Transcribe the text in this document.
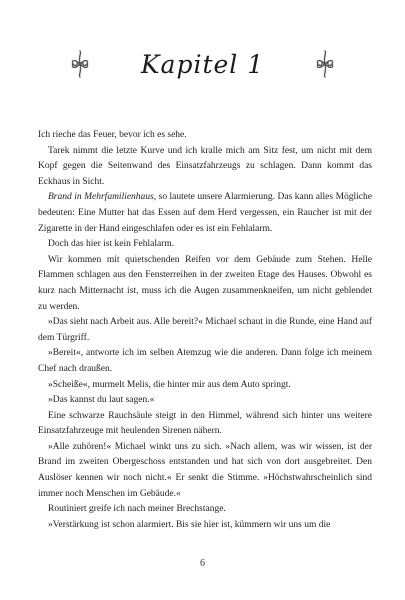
Kapitel 1

Ich rieche das Feuer, bevor ich es sehe.

Tarek nimmt die letzte Kurve und ich kralle mich am Sitz fest, um nicht mit dem Kopf gegen die Seitenwand des Einsatzfahrzeugs zu schlagen. Dann kommt das Eckhaus in Sicht.

Brand in Mehrfamilienhaus, so lautete unsere Alarmierung. Das kann alles Mögliche bedeuten: Eine Mutter hat das Essen auf dem Herd vergessen, ein Raucher ist mit der Zigarette in der Hand eingeschlafen oder es ist ein Fehlalarm.

Doch das hier ist kein Fehlalarm.

Wir kommen mit quietschenden Reifen vor dem Gebäude zum Stehen. Helle Flammen schlagen aus den Fensterreihen in der zweiten Etage des Hauses. Obwohl es kurz nach Mitternacht ist, muss ich die Augen zusammenkneifen, um nicht geblendet zu werden.

»Das sieht nach Arbeit aus. Alle bereit?« Michael schaut in die Runde, eine Hand auf dem Türgriff.

»Bereit«, antworte ich im selben Atemzug wie die anderen. Dann folge ich meinem Chef nach draußen.

»Scheiße«, murmelt Melis, die hinter mir aus dem Auto springt.

»Das kannst du laut sagen.«

Eine schwarze Rauchsäule steigt in den Himmel, während sich hinter uns weitere Einsatzfahrzeuge mit heulenden Sirenen nähern.

»Alle zuhören!« Michael winkt uns zu sich. »Nach allem, was wir wissen, ist der Brand im zweiten Obergeschoss entstanden und hat sich von dort ausgebreitet. Den Auslöser kennen wir noch nicht.« Er senkt die Stimme. »Höchstwahrscheinlich sind immer noch Menschen im Gebäude.«

Routiniert greife ich nach meiner Brechstange.

»Verstärkung ist schon alarmiert. Bis sie hier ist, kümmern wir uns um die

6
